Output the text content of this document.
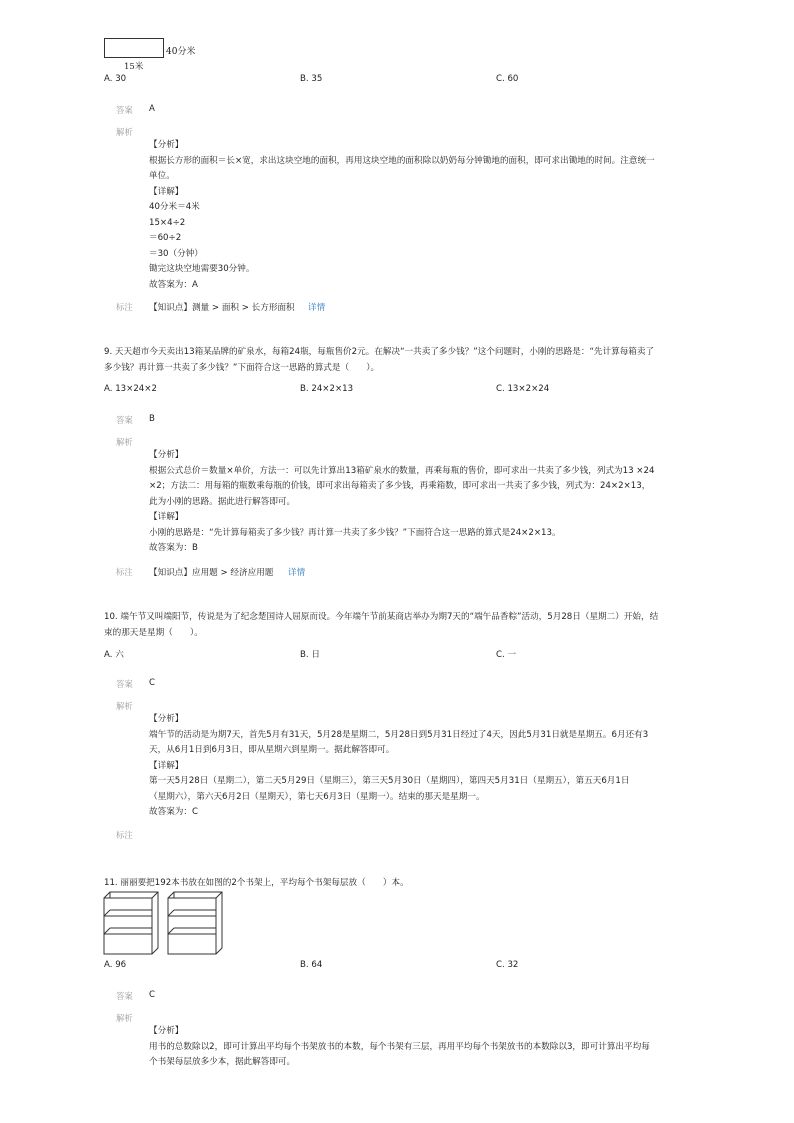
40分米
15米
A. 30	B. 35	C. 60
答案 A
解析
【分析】
根据长方形的面积＝长×宽，求出这块空地的面积，再用这块空地的面积除以奶奶每分钟锄地的面积，即可求出锄地的时间。注意统一
单位。
【详解】
40分米＝4米
15×4÷2
＝60÷2
＝30（分钟）
锄完这块空地需要30分钟。
故答案为：A
标注 【知识点】测量 > 面积 > 长方形面积 详情
9. 天天超市今天卖出13箱某品牌的矿泉水，每箱24瓶，每瓶售价2元。在解决“一共卖了多少钱？”这个问题时，小刚的思路是：“先计算每箱卖了
多少钱？再计算一共卖了多少钱？”下面符合这一思路的算式是（　　）。
A. 13×24×2	B. 24×2×13	C. 13×2×24
答案 B
解析
【分析】
根据公式总价＝数量×单价，方法一：可以先计算出13箱矿泉水的数量，再乘每瓶的售价，即可求出一共卖了多少钱，列式为13 ×24
×2；方法二：用每箱的瓶数乘每瓶的价钱，即可求出每箱卖了多少钱，再乘箱数，即可求出一共卖了多少钱，列式为：24×2×13，
此为小刚的思路。据此进行解答即可。
【详解】
小刚的思路是：“先计算每箱卖了多少钱？再计算一共卖了多少钱？”下面符合这一思路的算式是24×2×13。
故答案为：B
标注 【知识点】应用题 > 经济应用题 详情
10. 端午节又叫端阳节，传说是为了纪念楚国诗人屈原而设。今年端午节前某商店举办为期7天的“端午品香粽”活动，5月28日（星期二）开始，结
束的那天是星期（　　）。
A. 六	B. 日	C. 一
答案 C
解析
【分析】
端午节的活动是为期7天，首先5月有31天，5月28是星期二，5月28日到5月31日经过了4天，因此5月31日就是星期五。6月还有3
天，从6月1日到6月3日，即从星期六到星期一。据此解答即可。
【详解】
第一天5月28日（星期二），第二天5月29日（星期三），第三天5月30日（星期四），第四天5月31日（星期五），第五天6月1日
（星期六），第六天6月2日（星期天），第七天6月3日（星期一）。结束的那天是星期一。
故答案为：C
标注
11. 丽丽要把192本书放在如图的2个书架上，平均每个书架每层放（　　）本。
A. 96	B. 64	C. 32
答案 C
解析
【分析】
用书的总数除以2，即可计算出平均每个书架放书的本数，每个书架有三层，再用平均每个书架放书的本数除以3，即可计算出平均每
个书架每层放多少本，据此解答即可。
